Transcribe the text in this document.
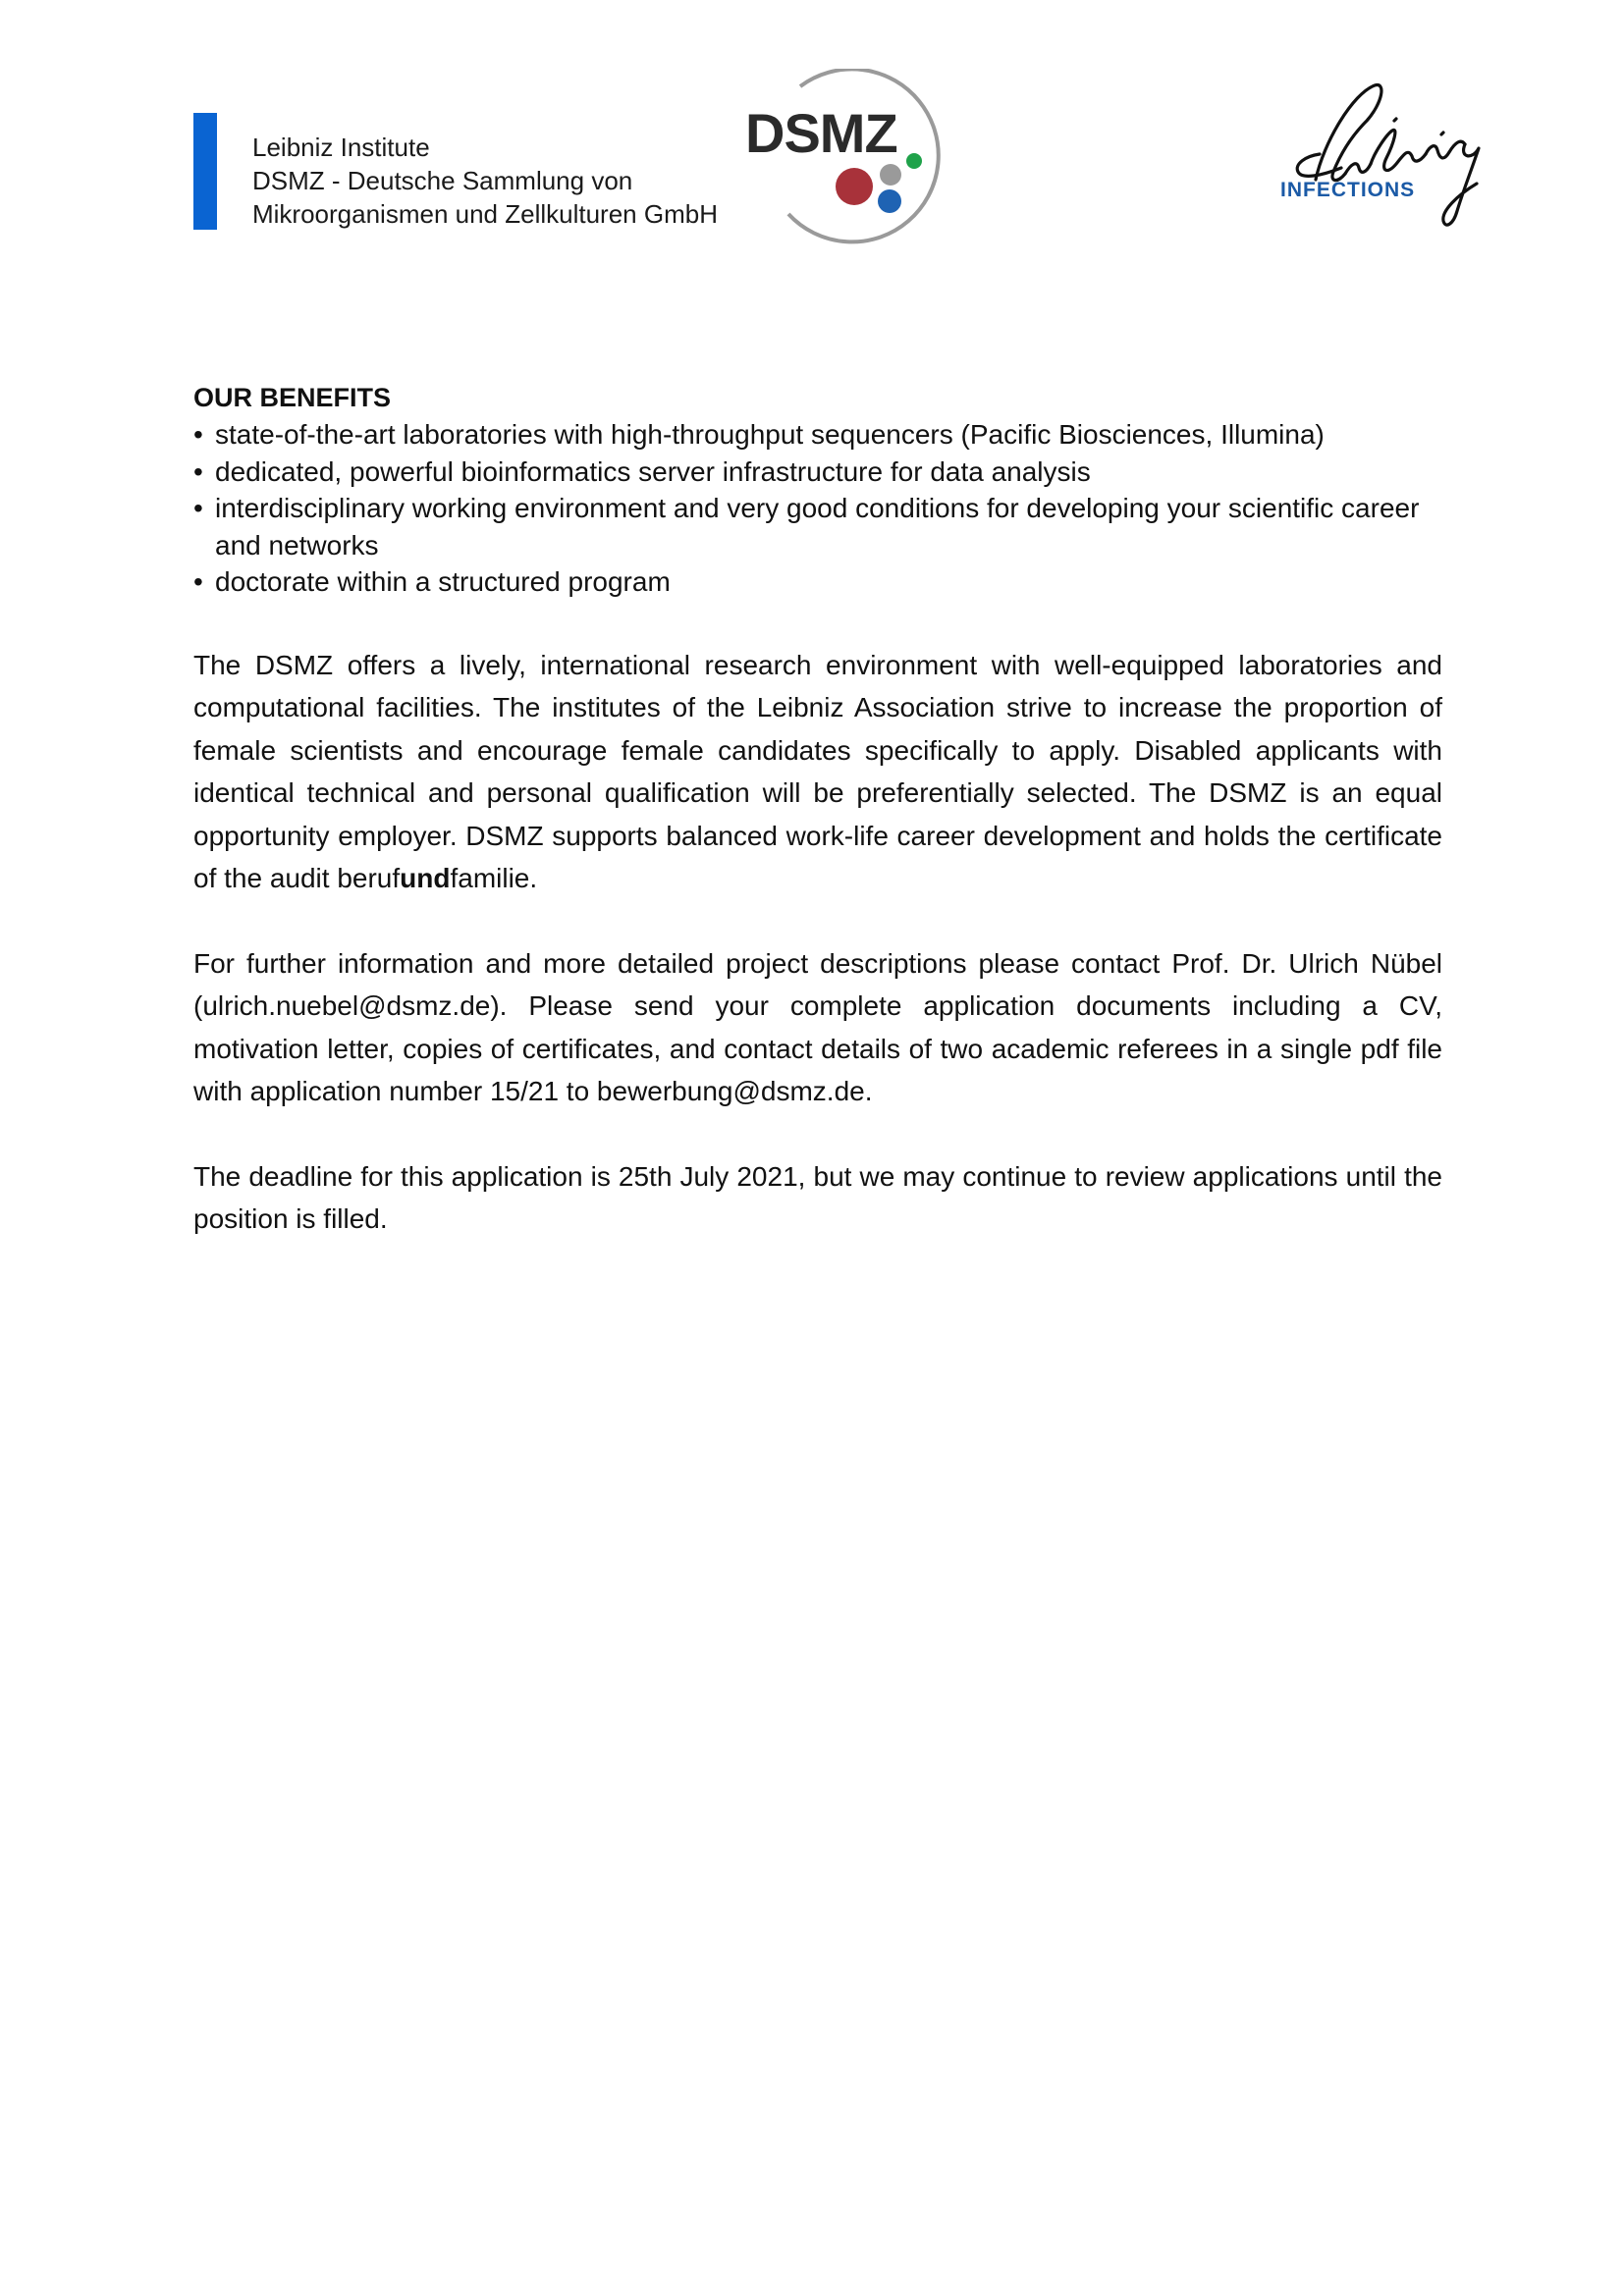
Leibniz Institute
DSMZ - Deutsche Sammlung von
Mikroorganismen und Zellkulturen GmbH
DSMZ
INFECTIONS
OUR BENEFITS
• state-of-the-art laboratories with high-throughput sequencers (Pacific Biosciences, Illumina)
• dedicated, powerful bioinformatics server infrastructure for data analysis
• interdisciplinary working environment and very good conditions for developing your scientific career and networks
• doctorate within a structured program

The DSMZ offers a lively, international research environment with well-equipped laboratories and computational facilities. The institutes of the Leibniz Association strive to increase the proportion of female scientists and encourage female candidates specifically to apply. Disabled applicants with identical technical and personal qualification will be preferentially selected. The DSMZ is an equal opportunity employer. DSMZ supports balanced work-life career development and holds the certificate of the audit berufundfamilie.

For further information and more detailed project descriptions please contact Prof. Dr. Ulrich Nübel (ulrich.nuebel@dsmz.de). Please send your complete application documents including a CV, motivation letter, copies of certificates, and contact details of two academic referees in a single pdf file with application number 15/21 to bewerbung@dsmz.de.

The deadline for this application is 25th July 2021, but we may continue to review applications until the position is filled.
